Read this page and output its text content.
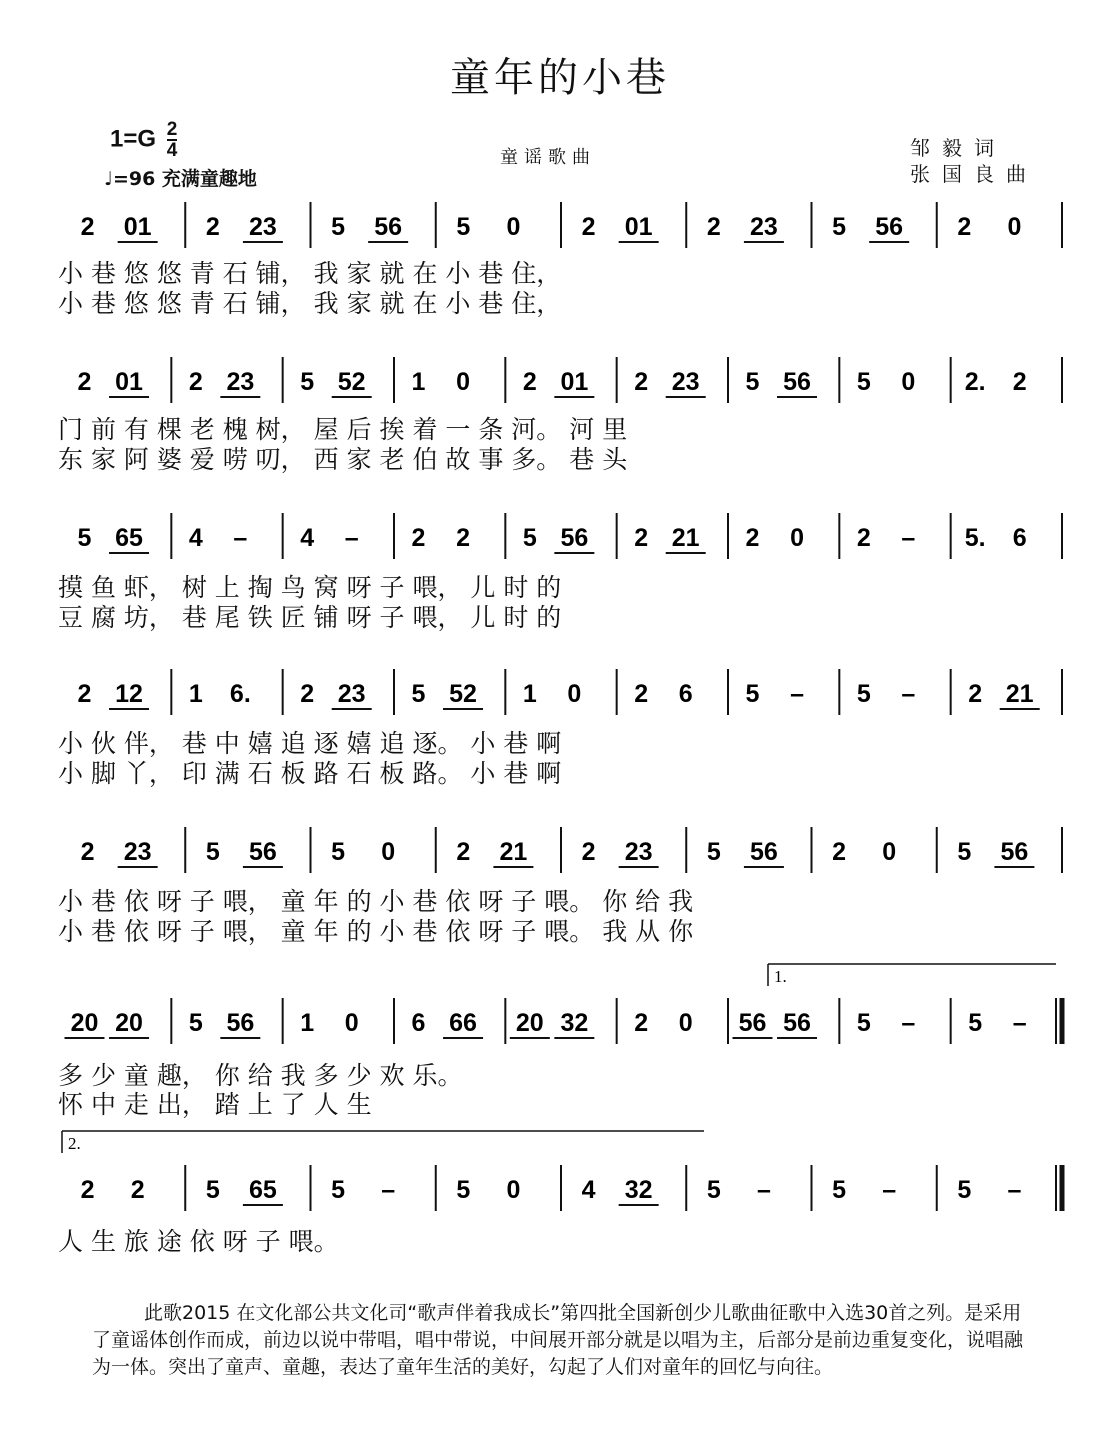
童年的小巷
$1=G \frac{2}{4}$
♩=96 充满童趣地
童谣歌曲	邹毅词
张国良曲
2 01 2 23 5 56 5 0 2 01 2 23 5 56 2 0
2 01 2 23 5 52 1 0 2 01 2 23 5 56 5 0 2. 2
5 65 4 – 4 – 2 2 5 56 2 21 2 0 2 – 5. 6
2 12 1 6. 2 23 5 52 1 0 2 6 5 – 5 – 2 21
2 23 5 56 5 0 2 21 2 23 5 56 2 0 5 56
20 20 5 56 1 0 6 66 20 32 2 0 56 56 5 – 5 –
1.
2 2 5 65 5 – 5 0 4 32 5 – 5 – 5 –
2.
小 巷 悠 悠 青 石 铺， 我 家 就 在 小 巷 住，
小 巷 悠 悠 青 石 铺， 我 家 就 在 小 巷 住，
门 前 有 棵 老 槐 树， 屋 后 挨 着 一 条 河。 河 里
东 家 阿 婆 爱 唠 叨， 西 家 老 伯 故 事 多。 巷 头
摸 鱼 虾， 树 上 掏 鸟 窝 呀 子 喂， 儿 时 的
豆 腐 坊， 巷 尾 铁 匠 铺 呀 子 喂， 儿 时 的
小 伙 伴， 巷 中 嬉 追 逐 嬉 追 逐。 小 巷 啊
小 脚 丫， 印 满 石 板 路 石 板 路。 小 巷 啊
小 巷 依 呀 子 喂， 童 年 的 小 巷 依 呀 子 喂。 你 给 我
小 巷 依 呀 子 喂， 童 年 的 小 巷 依 呀 子 喂。 我 从 你
多 少 童 趣， 你 给 我 多 少 欢 乐。
怀 中 走 出， 踏 上 了 人 生
人 生 旅 途 依 呀 子 喂。
此歌2015 在文化部公共文化司“歌声伴着我成长”第四批全国新创少儿歌曲征歌中入选30首之列。是采用了童谣体创作而成，前边以说中带唱，唱中带说，中间展开部分就是以唱为主，后部分是前边重复变化，说唱融为一体。突出了童声、童趣，表达了童年生活的美好，勾起了人们对童年的回忆与向往。
